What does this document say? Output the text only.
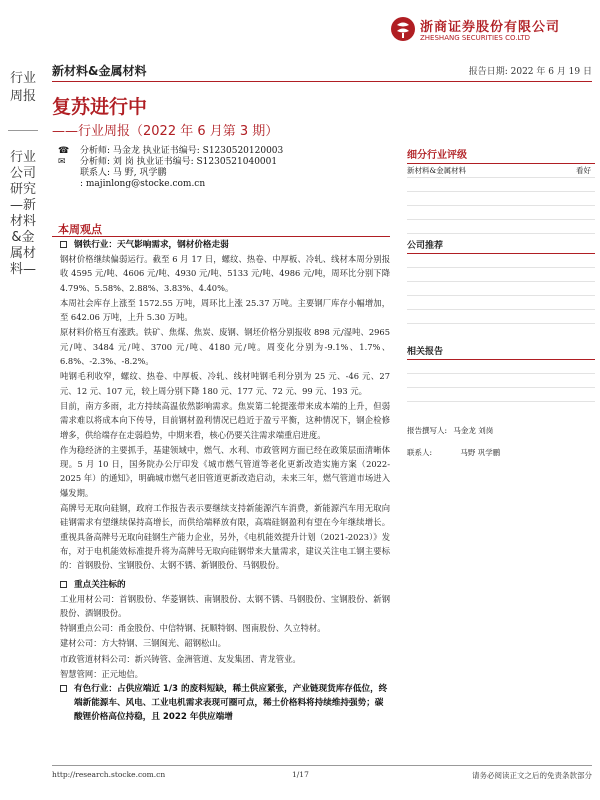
浙商证券股份有限公司
ZHESHANG SECURITIES CO.LTD
新材料&金属材料	报告日期: 2022 年 6 月 19 日
行业周报
行业公司研究—新材料&金属材料—
复苏进行中
——行业周报（2022 年 6 月第 3 期）
☎ 分析师: 马金龙 执业证书编号: S1230520120003
✉ 分析师: 刘 岗 执业证书编号: S1230521040001
联系人: 马 野, 巩学鹏
: majinlong@stocke.com.cn
本周观点
钢铁行业：天气影响需求，钢材价格走弱

钢材价格继续偏弱运行。截至 6 月 17 日，螺纹、热卷、中厚板、冷轧、线材本周分别报收 4595 元/吨、4606 元/吨、4930 元/吨、5133 元/吨、4986 元/吨，周环比分别下降 4.79%、5.58%、2.88%、3.83%、4.40%。

本周社会库存上涨至 1572.55 万吨，周环比上涨 25.37 万吨。主要钢厂库存小幅增加，至 642.06 万吨，上升 5.30 万吨。

原材料价格互有涨跌。铁矿、焦煤、焦炭、废钢、钢坯价格分别报收 898 元/湿吨、2965 元/吨、3484 元/吨、3700 元/吨、4180 元/吨。周变化分别为-9.1%、1.7%、6.8%、-2.3%、-8.2%。

吨钢毛利收窄，螺纹、热卷、中厚板、冷轧、线材吨钢毛利分别为 25 元、-46 元、27 元、12 元、107 元，较上周分别下降 180 元、177 元、72 元、99 元、193 元。

目前，南方多雨，北方持续高温依然影响需求。焦炭第二轮提涨带来成本端的上升，但弱需求难以将成本向下传导，目前钢材盈利情况已趋近于盈亏平衡，这种情况下，钢企检修增多，供给端存在走弱趋势，中期来看，核心仍要关注需求端重启进度。

作为稳经济的主要抓手，基建领域中，燃气、水利、市政管网方面已经在政策层面清晰体现。5 月 10 日，国务院办公厅印发《城市燃气管道等老化更新改造实施方案（2022-2025 年）的通知》，明确城市燃气老旧管道更新改造启动，未来三年，燃气管道市场进入爆发期。

高牌号无取向硅钢，政府工作报告表示要继续支持新能源汽车消费，新能源汽车用无取向硅钢需求有望继续保持高增长，而供给端释放有限，高端硅钢盈利有望在今年继续增长。重视具备高牌号无取向硅钢生产能力企业，另外，《电机能效提升计划（2021-2023）》发布，对于电机能效标准提升将为高牌号无取向硅钢带来大量需求，建议关注电工钢主要标的：首钢股份、宝钢股份、太钢不锈、新钢股份、马钢股份。

重点关注标的

工业用材公司：首钢股份、华菱钢铁、南钢股份、太钢不锈、马钢股份、宝钢股份、新钢股份、酒钢股份。

特钢重点公司：甬金股份、中信特钢、抚顺特钢、图南股份、久立特材。

建材公司：方大特钢、三钢闽光、韶钢松山。

市政管道材料公司：新兴铸管、金洲管道、友发集团、青龙管业。

智慧管网：正元地信。

有色行业：占供应端近 1/3 的废料短缺，稀土供应紧张，产业链现货库存低位，终端新能源车、风电、工业电机需求表现可圈可点，稀土价格料将持续维持强势；碳酸锂价格高位持稳，且 2022 年供应端增
细分行业评级
新材料&金属材料	看好
公司推荐
相关报告
报告撰写人: 马金龙 刘岗
联系人:	马野 巩学鹏
http://research.stocke.com.cn	1/17	请务必阅读正文之后的免责条款部分
